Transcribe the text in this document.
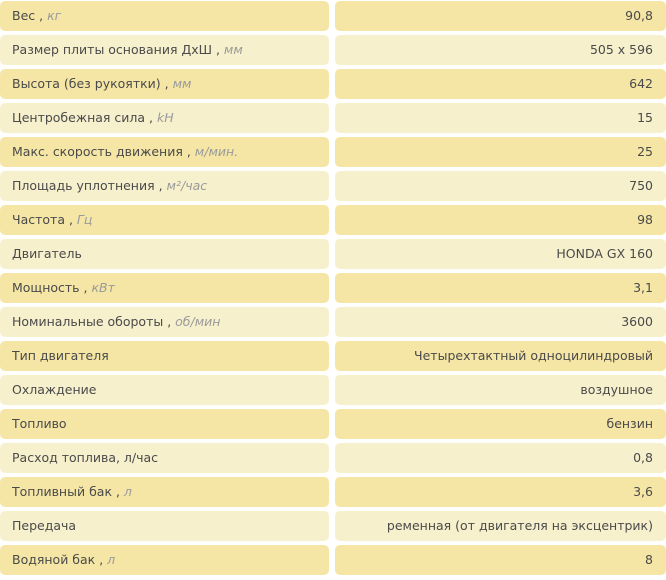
Вес , кг	90,8
Размер плиты основания ДхШ , мм	505 x 596
Высота (без рукоятки) , мм	642
Центробежная сила , kH	15
Макс. скорость движения , м/мин.	25
Площадь уплотнения , м²/час	750
Частота , Гц	98
Двигатель	HONDA GX 160
Мощность , кВт	3,1
Номинальные обороты , об/мин	3600
Тип двигателя	Четырехтактный одноцилиндровый
Охлаждение	воздушное
Топливо	бензин
Расход топлива, л/час	0,8
Топливный бак , л	3,6
Передача	ременная (от двигателя на эксцентрик)
Водяной бак , л	8
